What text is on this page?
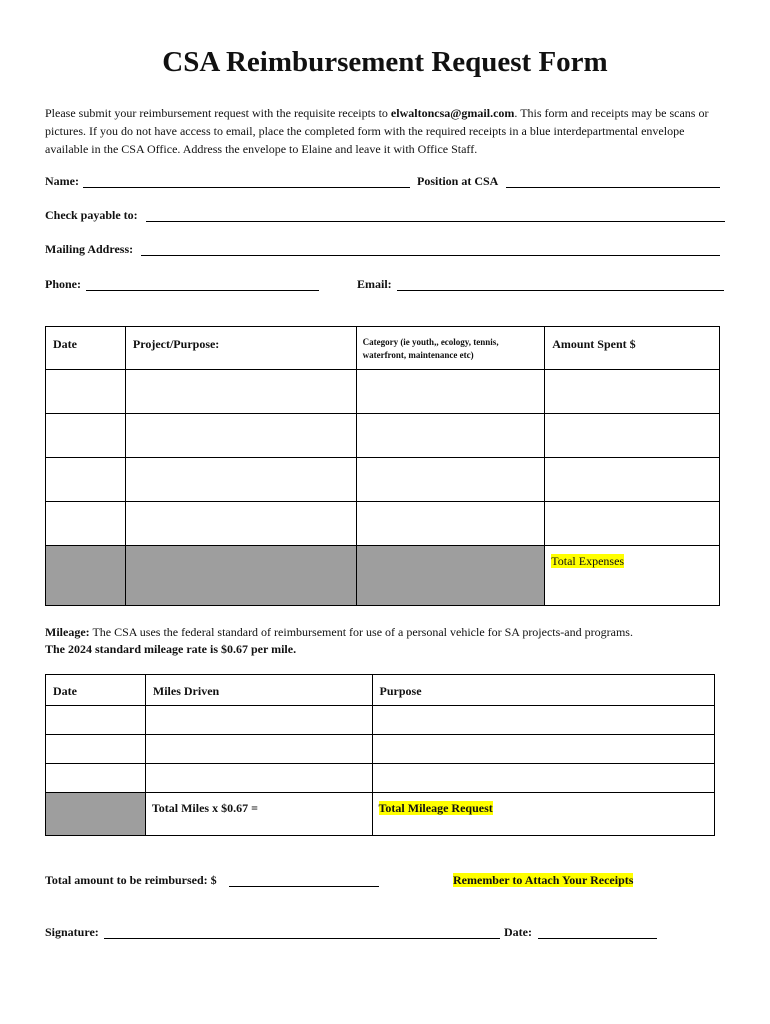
CSA Reimbursement Request Form
Please submit your reimbursement request with the requisite receipts to elwaltoncsa@gmail.com. This form and receipts may be scans or pictures. If you do not have access to email, place the completed form with the required receipts in a blue interdepartmental envelope available in the CSA Office. Address the envelope to Elaine and leave it with Office Staff.
Name:	Position at CSA
Check payable to:
Mailing Address:
Phone:	Email:
Date	Project/Purpose:	Category (ie youth,, ecology, tennis, waterfront, maintenance etc)	Amount Spent $

			Total Expenses
Mileage: The CSA uses the federal standard of reimbursement for use of a personal vehicle for SA projects-and programs.
The 2024 standard mileage rate is $0.67 per mile.
Date	Miles Driven	Purpose

	Total Miles x $0.67 =	Total Mileage Request
Total amount to be reimbursed: $	Remember to Attach Your Receipts
Signature:	Date:
